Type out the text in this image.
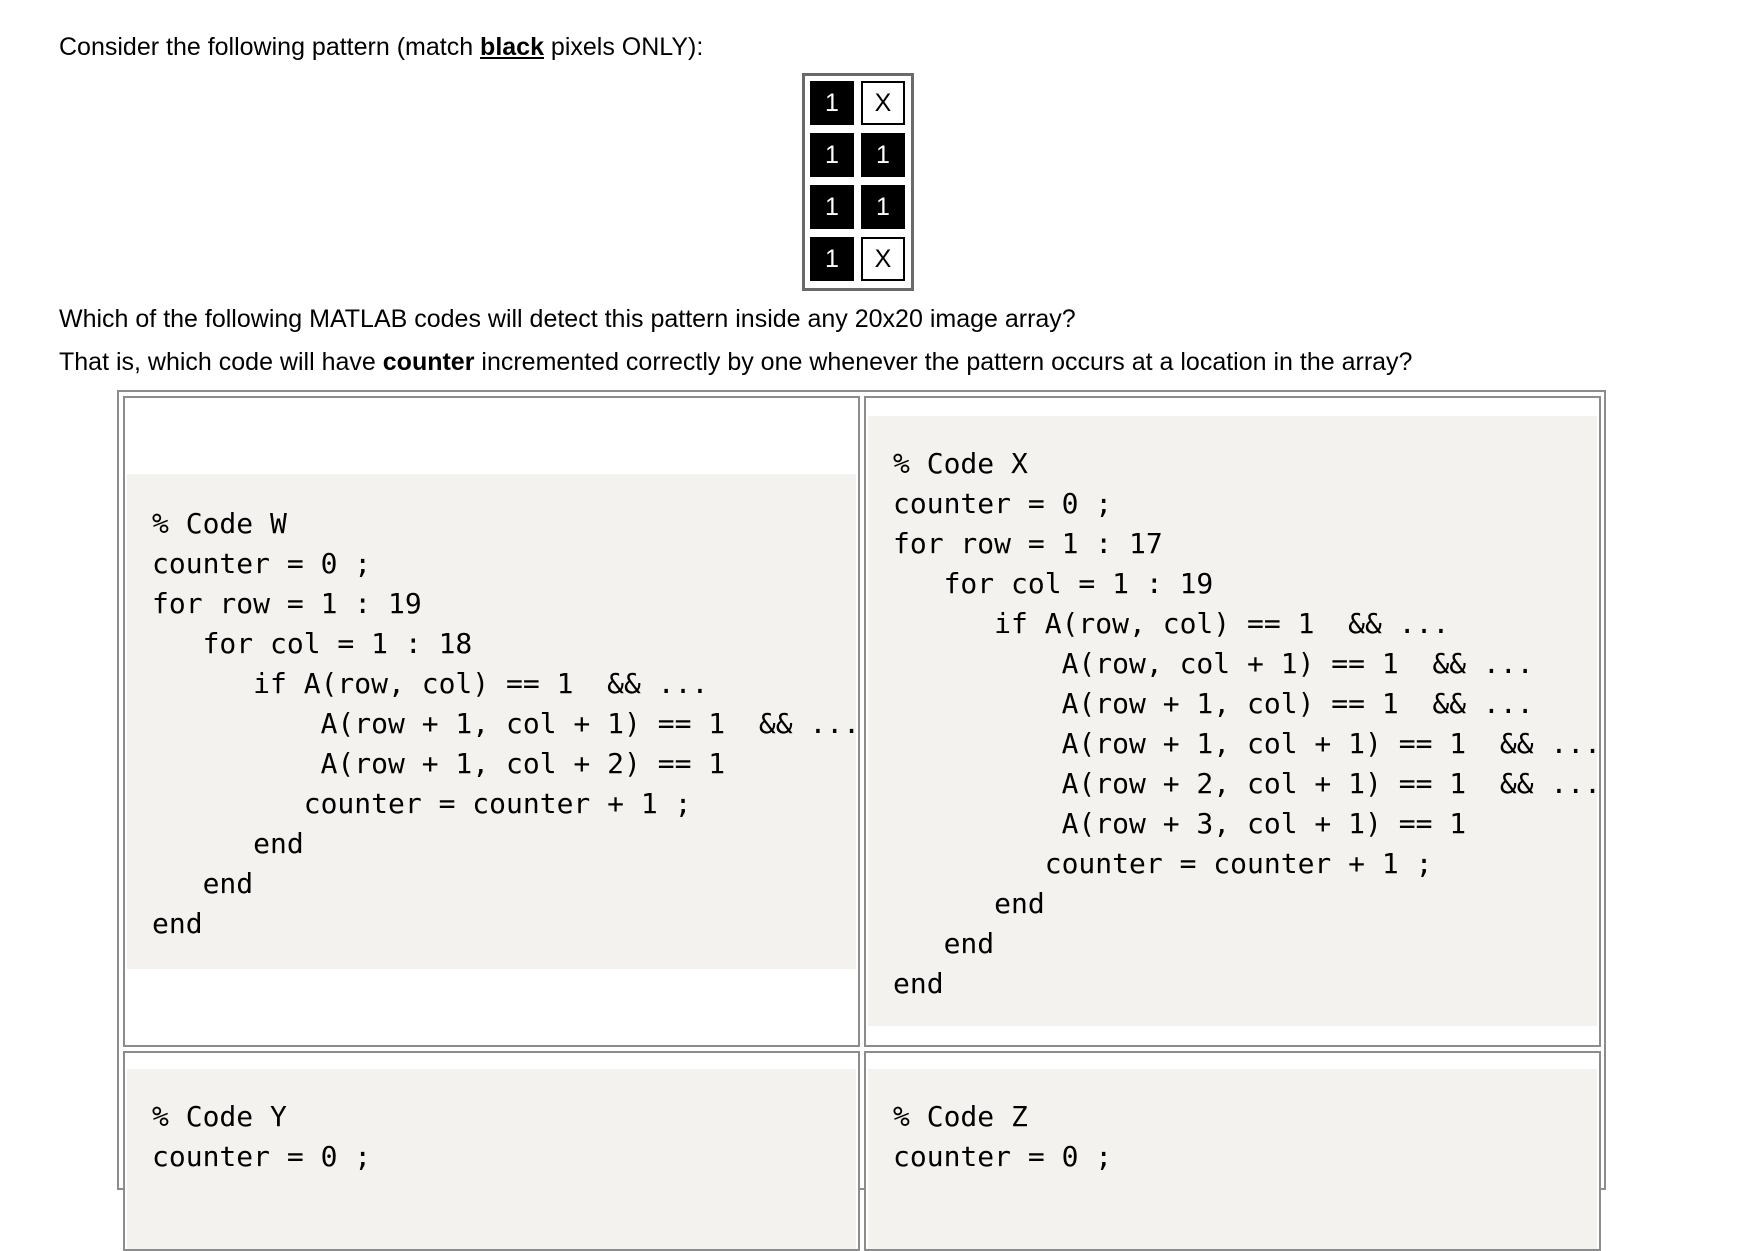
Consider the following pattern (match black pixels ONLY):
1	X
1	1
1	1
1	X
Which of the following MATLAB codes will detect this pattern inside any 20x20 image array?
That is, which code will have counter incremented correctly by one whenever the pattern occurs at a location in the array?
% Code W
counter = 0 ;
for row = 1 : 19
for col = 1 : 18
if A(row, col) == 1  && ...
A(row + 1, col + 1) == 1  && ...
A(row + 1, col + 2) == 1
counter = counter + 1 ;
end
end
end
% Code X
counter = 0 ;
for row = 1 : 17
for col = 1 : 19
if A(row, col) == 1  && ...
A(row, col + 1) == 1  && ...
A(row + 1, col) == 1  && ...
A(row + 1, col + 1) == 1  && ...
A(row + 2, col + 1) == 1  && ...
A(row + 3, col + 1) == 1
counter = counter + 1 ;
end
end
end
% Code Y
counter = 0 ;
% Code Z
counter = 0 ;
